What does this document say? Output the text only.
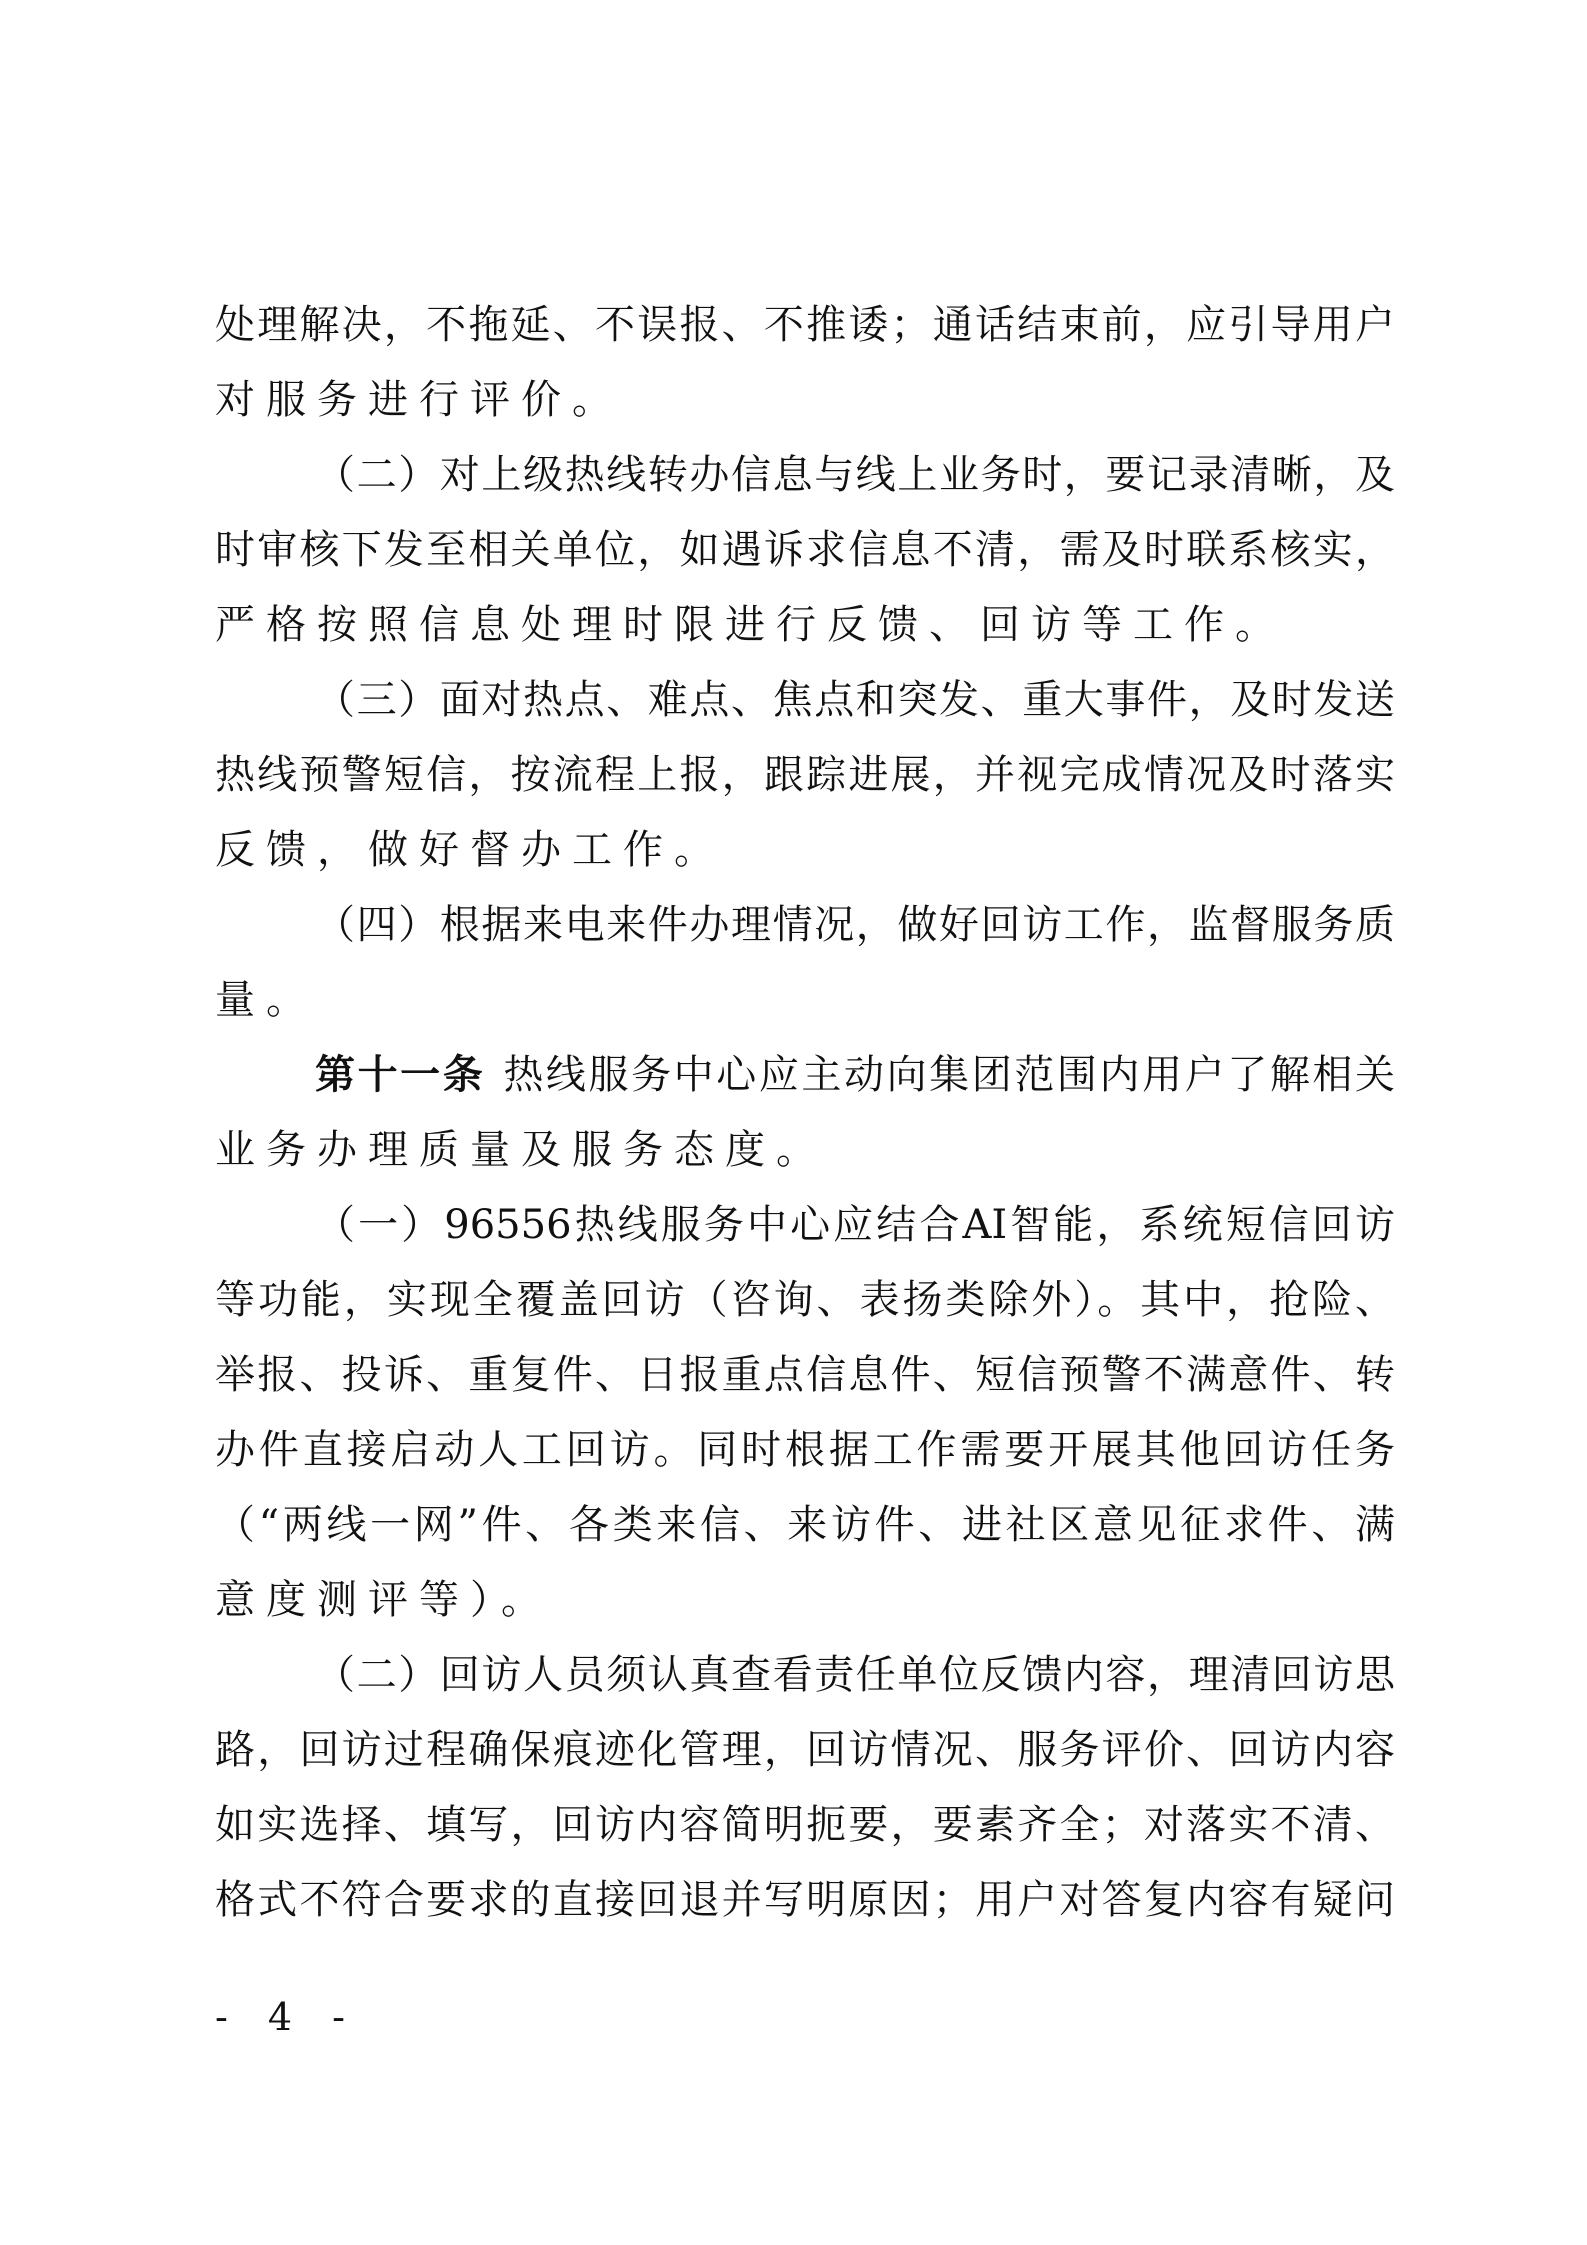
处理解决，不拖延、不误报、不推诿；通话结束前，应引导用户
对服务进行评价。
（二）对上级热线转办信息与线上业务时，要记录清晰，及
时审核下发至相关单位，如遇诉求信息不清，需及时联系核实，
严格按照信息处理时限进行反馈、回访等工作。
（三）面对热点、难点、焦点和突发、重大事件，及时发送
热线预警短信，按流程上报，跟踪进展，并视完成情况及时落实
反馈，做好督办工作。
（四）根据来电来件办理情况，做好回访工作，监督服务质
量。
第十一条 热线服务中心应主动向集团范围内用户了解相关
业务办理质量及服务态度。
（一）96556热线服务中心应结合AI智能，系统短信回访
等功能，实现全覆盖回访（咨询、表扬类除外）。其中，抢险、
举报、投诉、重复件、日报重点信息件、短信预警不满意件、转
办件直接启动人工回访。同时根据工作需要开展其他回访任务
（“两线一网”件、各类来信、来访件、进社区意见征求件、满
意度测评等）。
（二）回访人员须认真查看责任单位反馈内容，理清回访思
路，回访过程确保痕迹化管理，回访情况、服务评价、回访内容
如实选择、填写，回访内容简明扼要，要素齐全；对落实不清、
格式不符合要求的直接回退并写明原因；用户对答复内容有疑问
- 4 -
